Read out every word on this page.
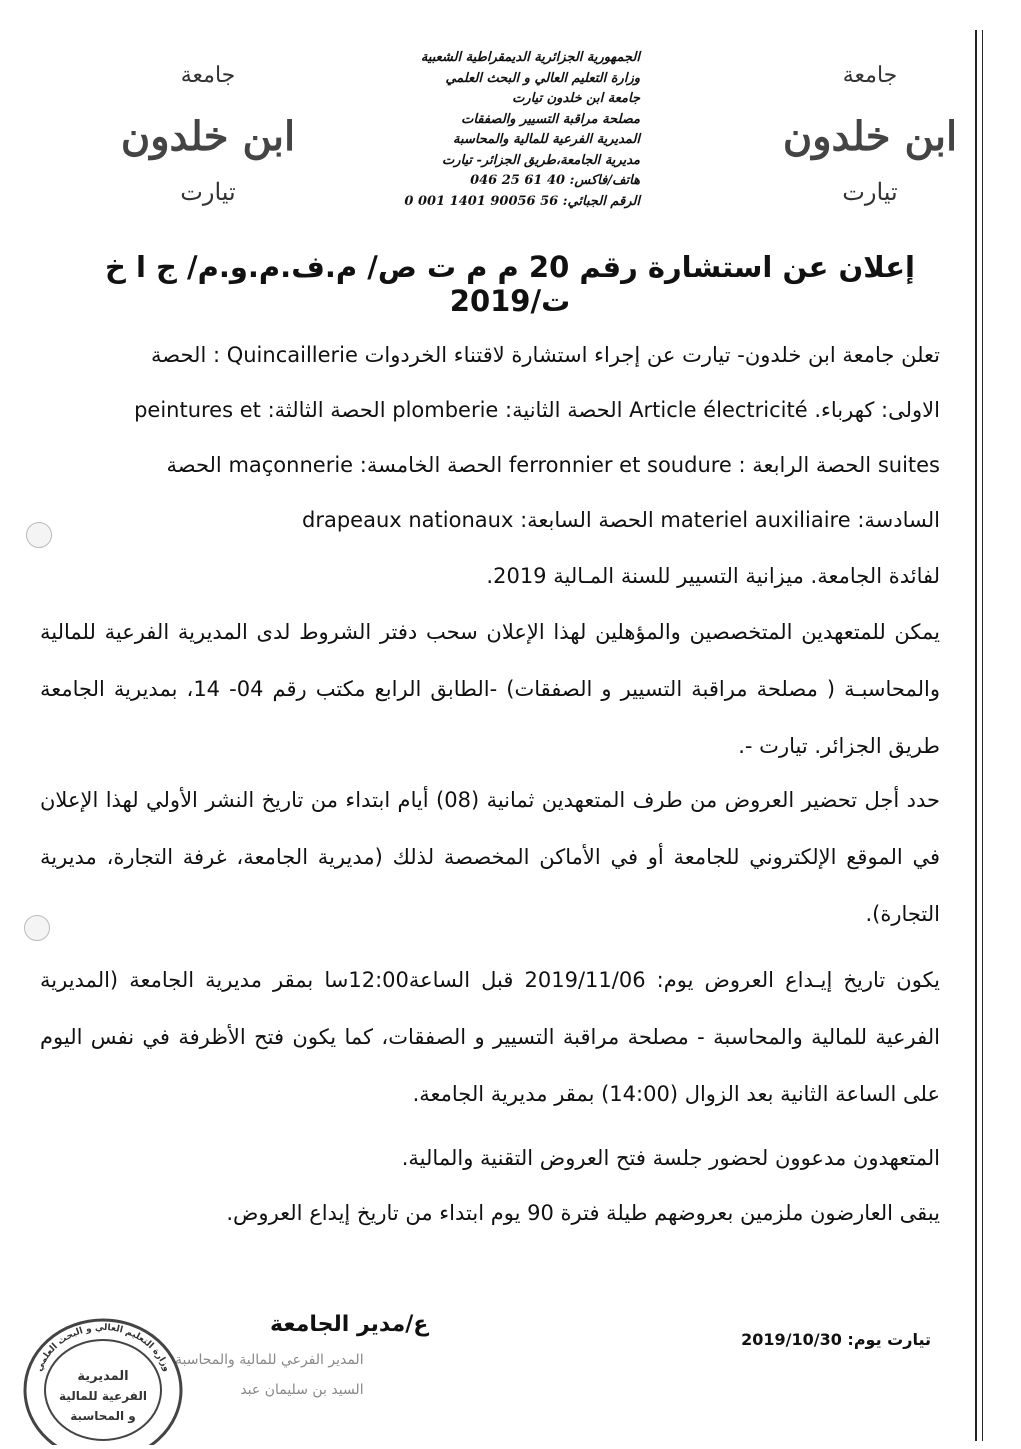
جامعة
ابن خلدون
تيارت
جامعة
ابن خلدون
تيارت
الجمهورية الجزائرية الديمقراطية الشعبية
وزارة التعليم العالي و البحث العلمي
جامعة ابن خلدون تيارت
مصلحة مراقبة التسيير والصفقات
المديرية الفرعية للمالية والمحاسبة
مديرية الجامعة،طريق الجزائر- تيارت
هاتف/فاكس: 046 25 61 40
الرقم الجبائي: 0 001 1401 90056 56
إعلان عن استشارة رقم 20 م م ت ص/ م.ف.م.و.م/ ج ا خ ت/2019
تعلن جامعة ابن خلدون- تيارت عن إجراء استشارة لاقتناء الخردوات Quincaillerie : الحصة
الاولى: كهرباء. Article électricité الحصة الثانية: plomberie الحصة الثالثة: peintures et
suites الحصة الرابعة : ferronnier et soudure الحصة الخامسة: maçonnerie الحصة
السادسة: materiel auxiliaire الحصة السابعة: drapeaux nationaux

لفائدة الجامعة. ميزانية التسيير للسنة المـالية 2019.

يمكن للمتعهدين المتخصصين والمؤهلين لهذا الإعلان سحب دفتر الشروط لدى المديرية الفرعية للمالية والمحاسبـة ( مصلحة مراقبة التسيير و الصفقات) -الطابق الرابع مكتب رقم 04- 14، بمديرية الجامعة طريق الجزائر. تيارت -.

حدد أجل تحضير العروض من طرف المتعهدين ثمانية (08) أيام ابتداء من تاريخ النشر الأولي لهذا الإعلان في الموقع الإلكتروني للجامعة أو في الأماكن المخصصة لذلك (مديرية الجامعة، غرفة التجارة، مديرية التجارة).

يكون تاريخ إيـداع العروض يوم: 2019/11/06 قبل الساعة12:00سا بمقر مديرية الجامعة (المديرية الفرعية للمالية والمحاسبة - مصلحة مراقبة التسيير و الصفقات، كما يكون فتح الأظرفة في نفس اليوم على الساعة الثانية بعد الزوال (14:00) بمقر مديرية الجامعة.

المتعهدون مدعوون لحضور جلسة فتح العروض التقنية والمالية.

يبقى العارضون ملزمين بعروضهم طيلة فترة 90 يوم ابتداء من تاريخ إيداع العروض.

ع/مدير الجامعة
تيارت يوم: 2019/10/30
وزارة التعليم العالي و البحث العلمي
المديرية
الفرعية للمالية
و المحاسبة
المدير الفرعي للمالية والمحاسبة
السيد بن سليمان عبد
